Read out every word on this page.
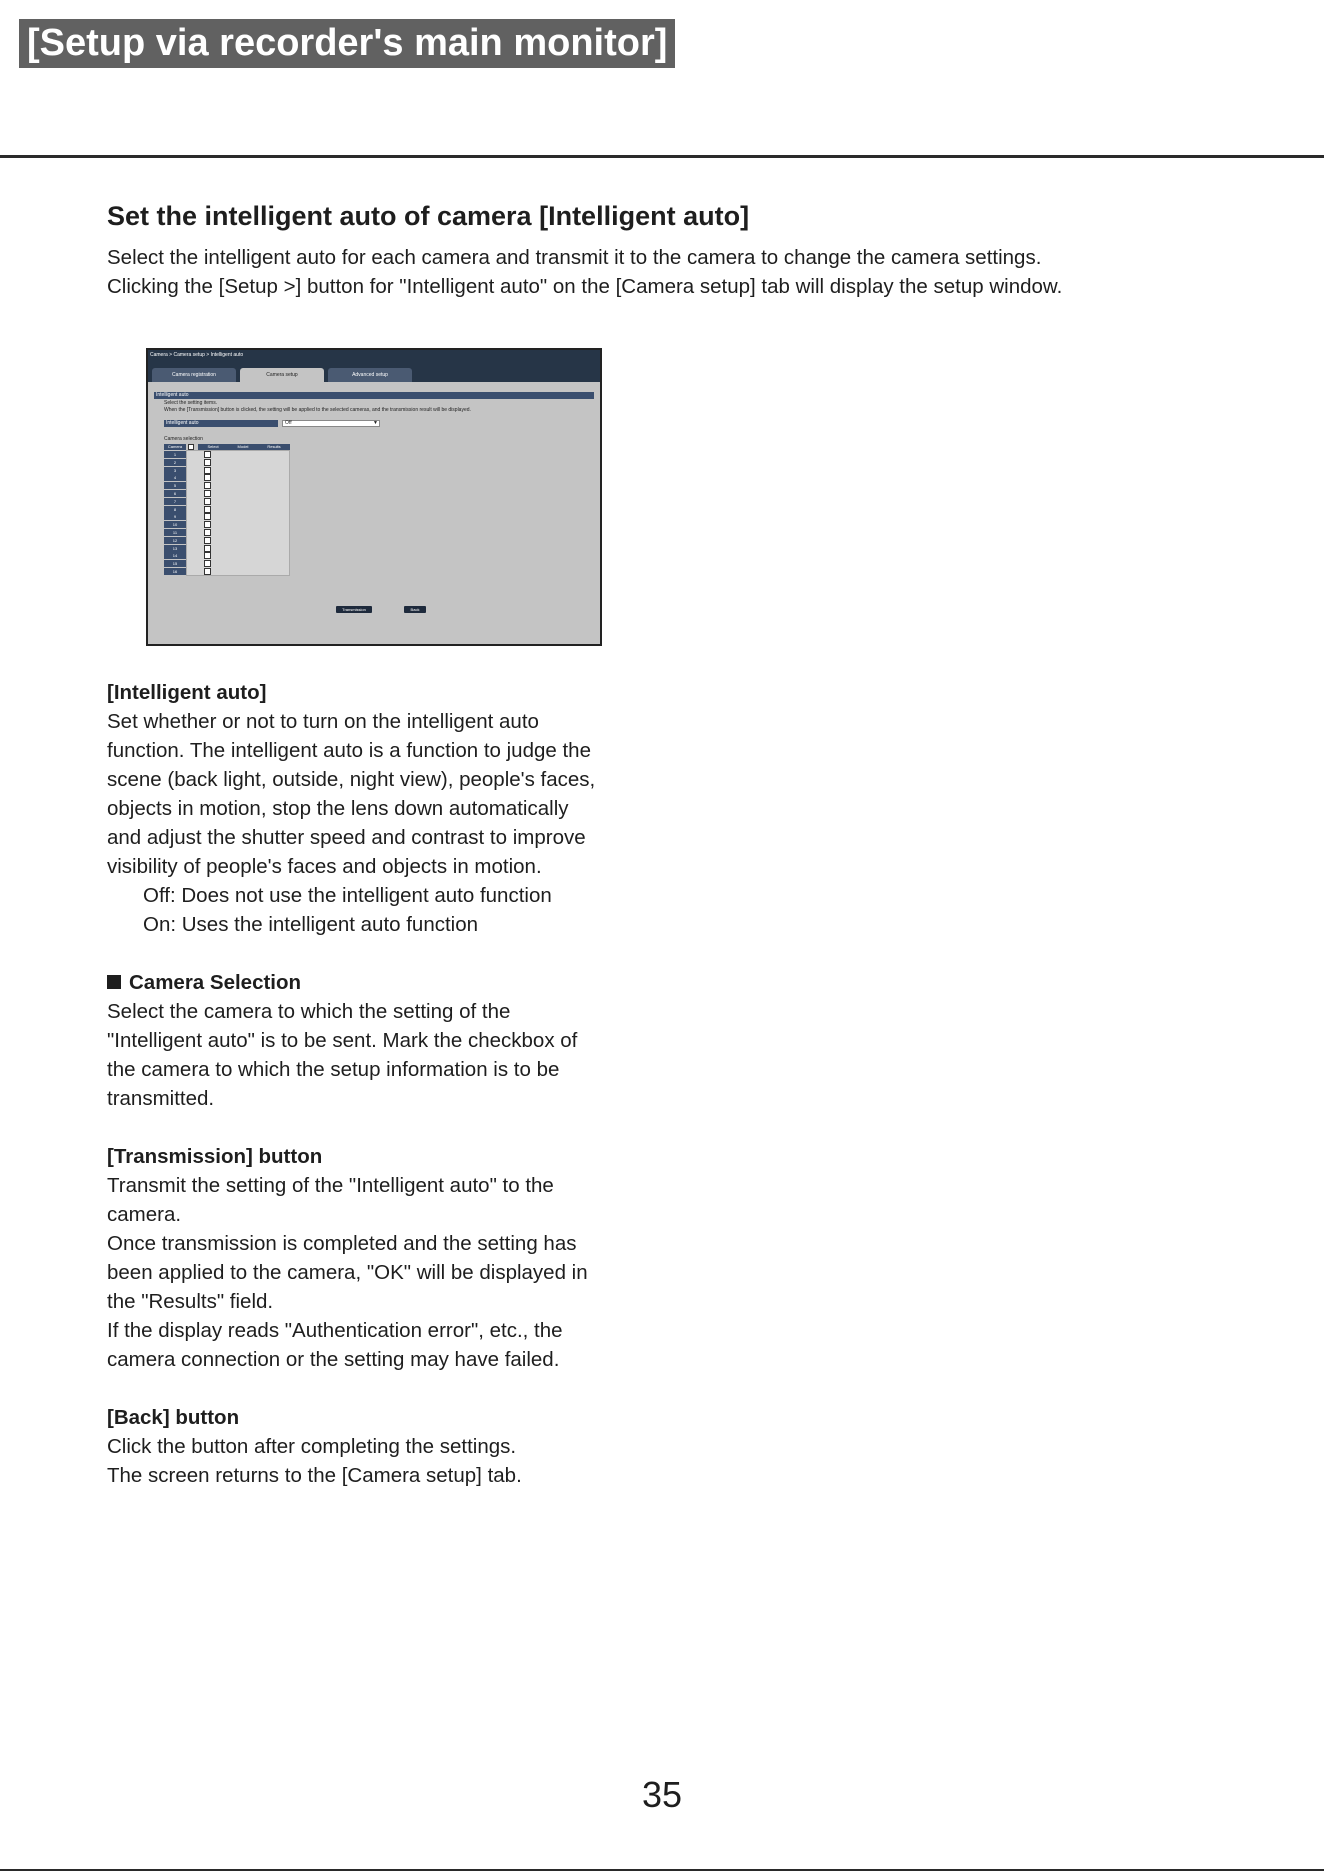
[Setup via recorder's main monitor]
Set the intelligent auto of camera [Intelligent auto]
Select the intelligent auto for each camera and transmit it to the camera to change the camera settings.
Clicking the [Setup >] button for "Intelligent auto" on the [Camera setup] tab will display the setup window.
Camera > Camera setup > Intelligent auto
Camera registration	Camera setup	Advanced setup
Intelligent auto
Select the setting items.
When the [Transmission] button is clicked, the setting will be applied to the selected cameras, and the transmission result will be displayed.
Intelligent auto	Off	▼
Camera selection
Camera	Select	Model	Results
1
2
3
4
5
6
7
8
9
10
11
12
13
14
15
16
Transmission	Back
[Intelligent auto]
Set whether or not to turn on the intelligent auto
function. The intelligent auto is a function to judge the
scene (back light, outside, night view), people's faces,
objects in motion, stop the lens down automatically
and adjust the shutter speed and contrast to improve
visibility of people's faces and objects in motion.
Off: Does not use the intelligent auto function
On: Uses the intelligent auto function
Camera Selection
Select the camera to which the setting of the
"Intelligent auto" is to be sent. Mark the checkbox of
the camera to which the setup information is to be
transmitted.
[Transmission] button
Transmit the setting of the "Intelligent auto" to the
camera.
Once transmission is completed and the setting has
been applied to the camera, "OK" will be displayed in
the "Results" field.
If the display reads "Authentication error", etc., the
camera connection or the setting may have failed.
[Back] button
Click the button after completing the settings.
The screen returns to the [Camera setup] tab.
35
